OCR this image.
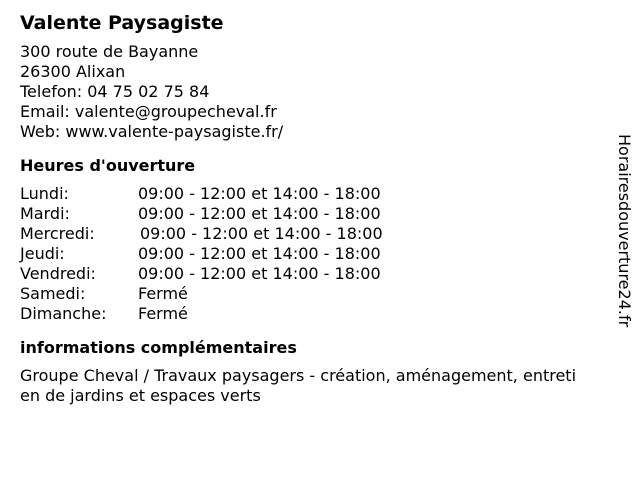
Valente Paysagiste
300 route de Bayanne
26300 Alixan
Telefon: 04 75 02 75 84
Email: valente@groupecheval.fr
Web: www.valente-paysagiste.fr/
Heures d'ouverture
Lundi:	09:00 - 12:00 et 14:00 - 18:00
Mardi:	09:00 - 12:00 et 14:00 - 18:00
Mercredi:	09:00 - 12:00 et 14:00 - 18:00
Jeudi:	09:00 - 12:00 et 14:00 - 18:00
Vendredi:	09:00 - 12:00 et 14:00 - 18:00
Samedi:	Fermé
Dimanche:	Fermé
informations complémentaires
Groupe Cheval / Travaux paysagers - création, aménagement, entreti
en de jardins et espaces verts
Horairesdouverture24.fr
